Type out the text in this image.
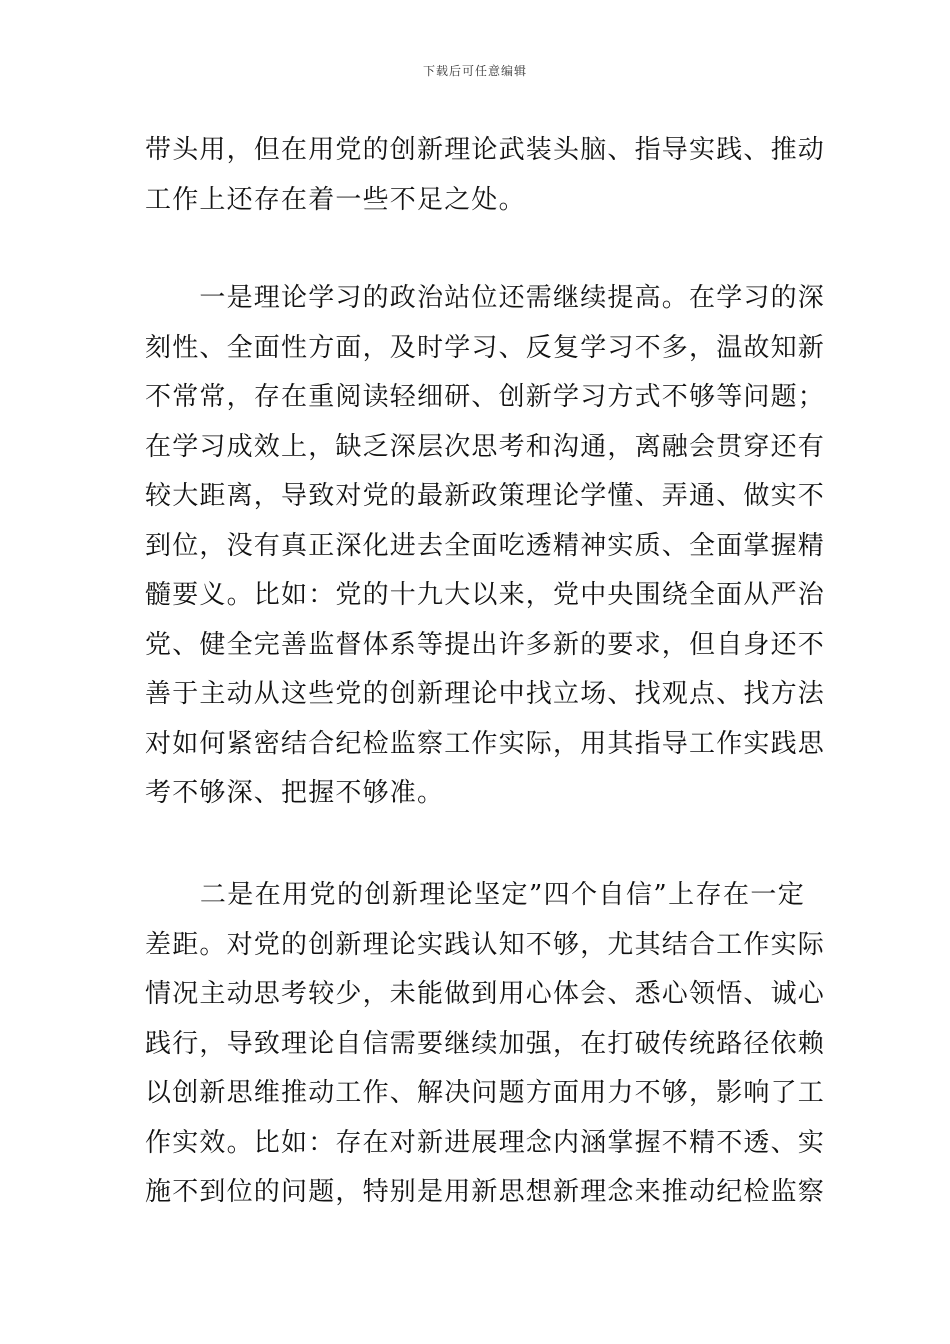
下载后可任意编辑
带头用，但在用党的创新理论武装头脑、指导实践、推动
工作上还存在着一些不足之处。
　　一是理论学习的政治站位还需继续提高。在学习的深
刻性、全面性方面，及时学习、反复学习不多，温故知新
不常常，存在重阅读轻细研、创新学习方式不够等问题；
在学习成效上，缺乏深层次思考和沟通，离融会贯穿还有
较大距离，导致对党的最新政策理论学懂、弄通、做实不
到位，没有真正深化进去全面吃透精神实质、全面掌握精
髓要义。比如：党的十九大以来，党中央围绕全面从严治
党、健全完善监督体系等提出许多新的要求，但自身还不
善于主动从这些党的创新理论中找立场、找观点、找方法
对如何紧密结合纪检监察工作实际，用其指导工作实践思
考不够深、把握不够准。
　　二是在用党的创新理论坚定”四个自信”上存在一定
差距。对党的创新理论实践认知不够，尤其结合工作实际
情况主动思考较少，未能做到用心体会、悉心领悟、诚心
践行，导致理论自信需要继续加强，在打破传统路径依赖
以创新思维推动工作、解决问题方面用力不够，影响了工
作实效。比如：存在对新进展理念内涵掌握不精不透、实
施不到位的问题，特别是用新思想新理念来推动纪检监察
